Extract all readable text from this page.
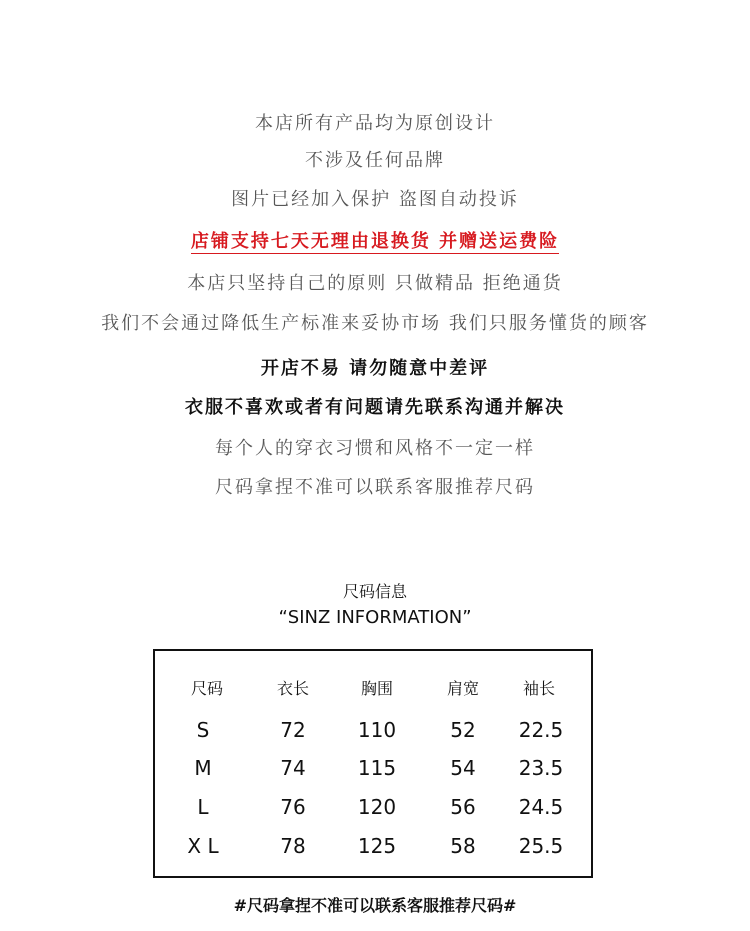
本店所有产品均为原创设计
不涉及任何品牌
图片已经加入保护 盗图自动投诉
店铺支持七天无理由退换货 并赠送运费险
本店只坚持自己的原则 只做精品 拒绝通货
我们不会通过降低生产标准来妥协市场 我们只服务懂货的顾客
开店不易 请勿随意中差评
衣服不喜欢或者有问题请先联系沟通并解决
每个人的穿衣习惯和风格不一定一样
尺码拿捏不准可以联系客服推荐尺码
尺码信息
“SINZ INFORMATION”
尺码	衣长	胸围	肩宽	袖长
S	72	110	52	22.5
M	74	115	54	23.5
L	76	120	56	24.5
X L	78	125	58	25.5
#尺码拿捏不准可以联系客服推荐尺码#
